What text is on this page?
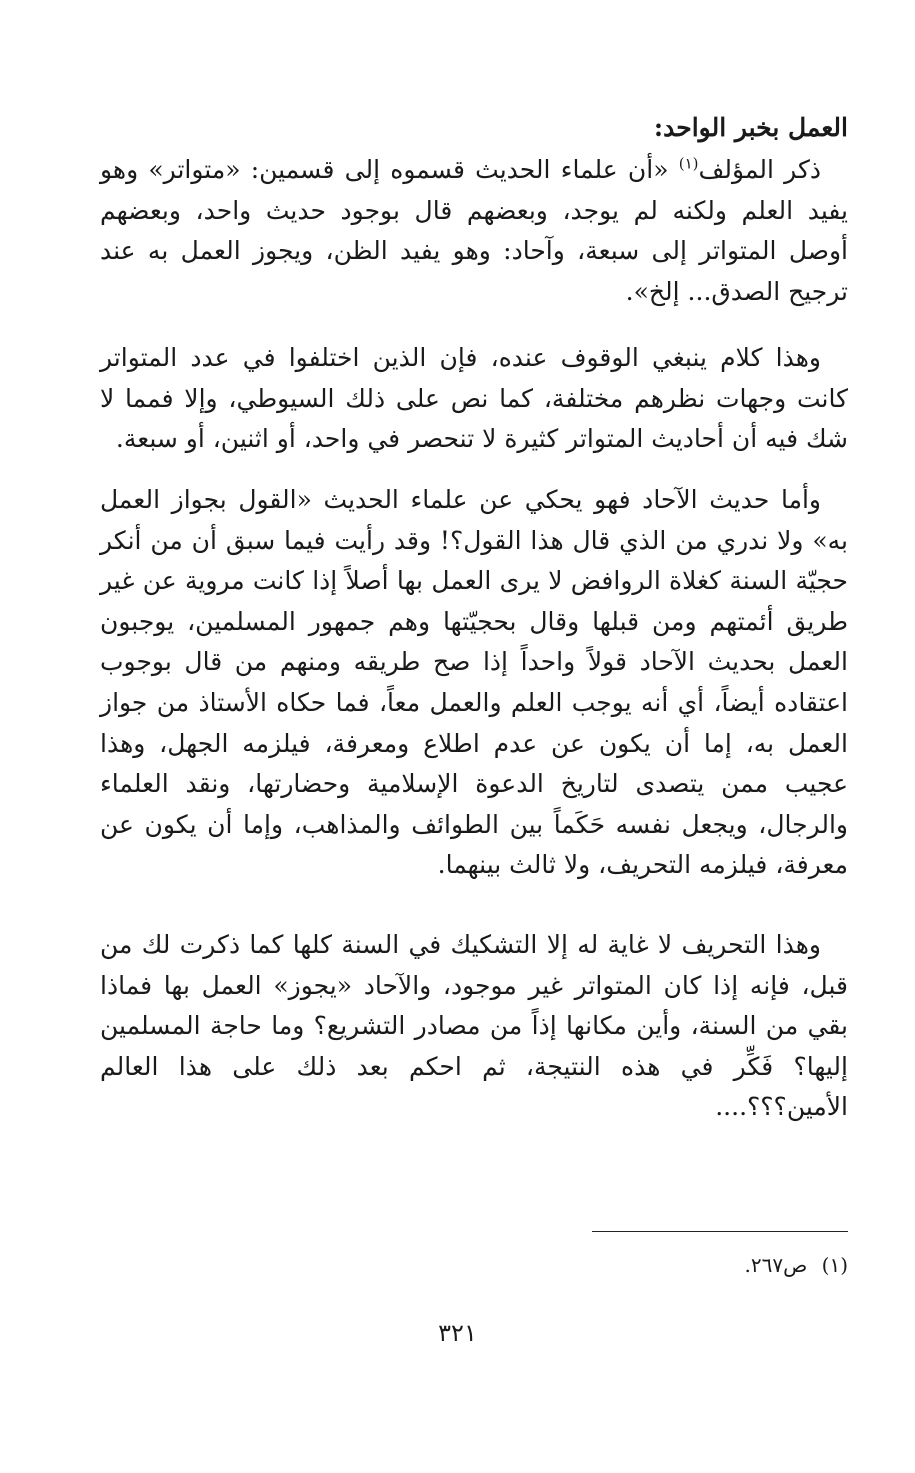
العمل بخبر الواحد:

ذكر المؤلف$^{(١)}$ «أن علماء الحديث قسموه إلى قسمين: «متواتر» وهو يفيد العلم ولكنه لم يوجد، وبعضهم قال بوجود حديث واحد، وبعضهم أوصل المتواتر إلى سبعة، وآحاد: وهو يفيد الظن، ويجوز العمل به عند ترجيح الصدق... إلخ».

وهذا كلام ينبغي الوقوف عنده، فإن الذين اختلفوا في عدد المتواتر كانت وجهات نظرهم مختلفة، كما نص على ذلك السيوطي، وإلا فمما لا شك فيه أن أحاديث المتواتر كثيرة لا تنحصر في واحد، أو اثنين، أو سبعة.

وأما حديث الآحاد فهو يحكي عن علماء الحديث «القول بجواز العمل به» ولا ندري من الذي قال هذا القول؟! وقد رأيت فيما سبق أن من أنكر حجيّة السنة كغلاة الروافض لا يرى العمل بها أصلاً إذا كانت مروية عن غير طريق أئمتهم ومن قبلها وقال بحجيّتها وهم جمهور المسلمين، يوجبون العمل بحديث الآحاد قولاً واحداً إذا صح طريقه ومنهم من قال بوجوب اعتقاده أيضاً، أي أنه يوجب العلم والعمل معاً، فما حكاه الأستاذ من جواز العمل به، إما أن يكون عن عدم اطلاع ومعرفة، فيلزمه الجهل، وهذا عجيب ممن يتصدى لتاريخ الدعوة الإسلامية وحضارتها، ونقد العلماء والرجال، ويجعل نفسه حَكَماً بين الطوائف والمذاهب، وإما أن يكون عن معرفة، فيلزمه التحريف، ولا ثالث بينهما.

وهذا التحريف لا غاية له إلا التشكيك في السنة كلها كما ذكرت لك من قبل، فإنه إذا كان المتواتر غير موجود، والآحاد «يجوز» العمل بها فماذا بقي من السنة، وأين مكانها إذاً من مصادر التشريع؟ وما حاجة المسلمين إليها؟ فَكِّر في هذه النتيجة، ثم احكم بعد ذلك على هذا العالم الأمين؟؟؟....

(١) ص٢٦٧.
٣٢١
